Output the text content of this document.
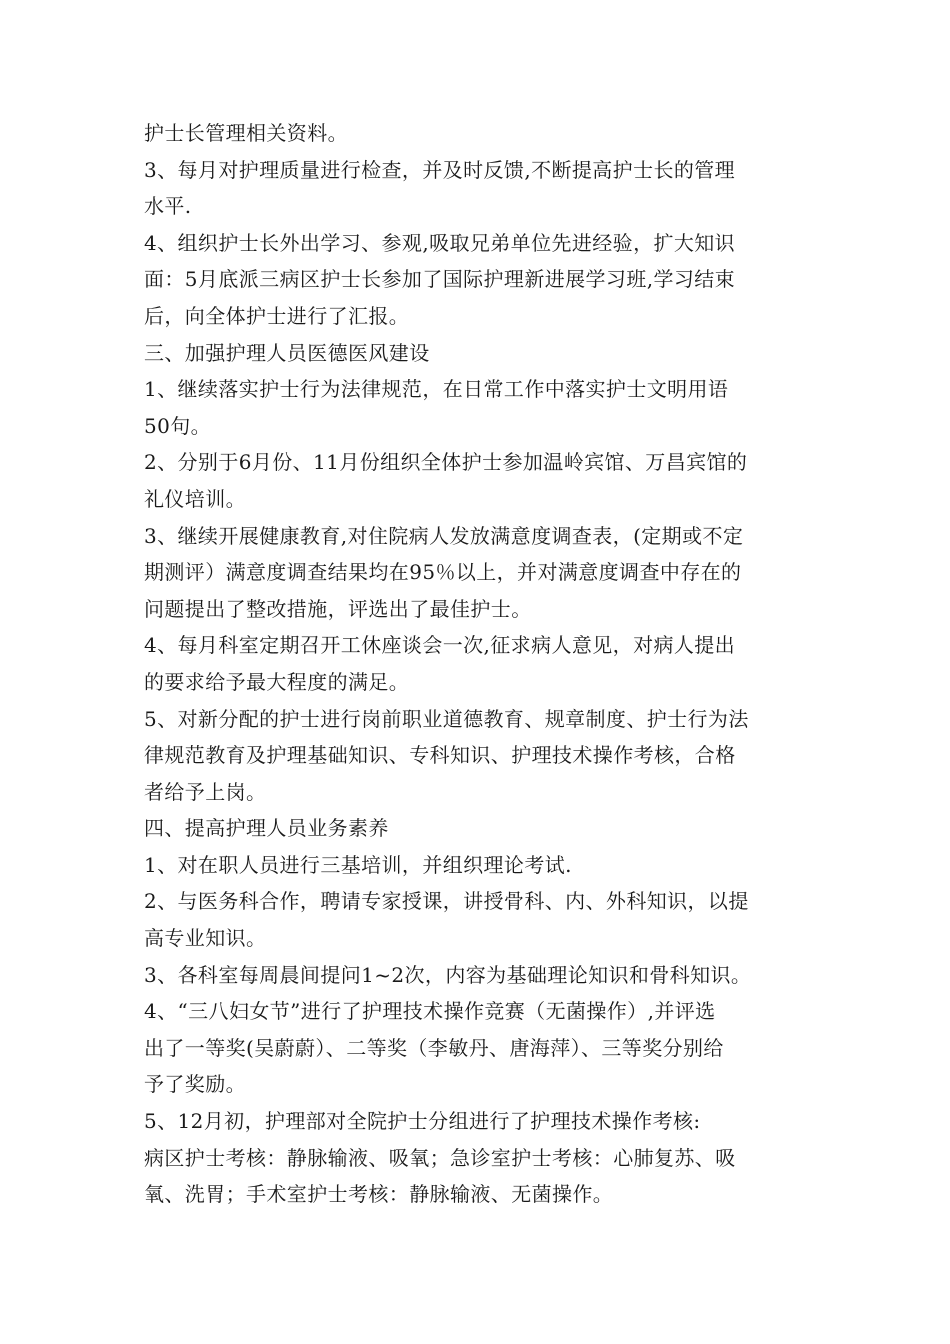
护士长管理相关资料。
3、每月对护理质量进行检查，并及时反馈,不断提高护士长的管理
水平.
4、组织护士长外出学习、参观,吸取兄弟单位先进经验，扩大知识
面：5月底派三病区护士长参加了国际护理新进展学习班,学习结束
后，向全体护士进行了汇报。
三、加强护理人员医德医风建设
1、继续落实护士行为法律规范，在日常工作中落实护士文明用语
50句。
2、分别于6月份、11月份组织全体护士参加温岭宾馆、万昌宾馆的
礼仪培训。
3、继续开展健康教育,对住院病人发放满意度调查表，(定期或不定
期测评）满意度调查结果均在95％以上，并对满意度调查中存在的
问题提出了整改措施，评选出了最佳护士。
4、每月科室定期召开工休座谈会一次,征求病人意见，对病人提出
的要求给予最大程度的满足。
5、对新分配的护士进行岗前职业道德教育、规章制度、护士行为法
律规范教育及护理基础知识、专科知识、护理技术操作考核，合格
者给予上岗。
四、提高护理人员业务素养
1、对在职人员进行三基培训，并组织理论考试.
2、与医务科合作，聘请专家授课，讲授骨科、内、外科知识，以提
高专业知识。
3、各科室每周晨间提问1~2次，内容为基础理论知识和骨科知识。
4、“三八妇女节”进行了护理技术操作竞赛（无菌操作）,并评选
出了一等奖(吴蔚蔚）、二等奖（李敏丹、唐海萍）、三等奖分别给
予了奖励。
5、12月初，护理部对全院护士分组进行了护理技术操作考核:
病区护士考核：静脉输液、吸氧；急诊室护士考核：心肺复苏、吸
氧、洗胃；手术室护士考核：静脉输液、无菌操作。
